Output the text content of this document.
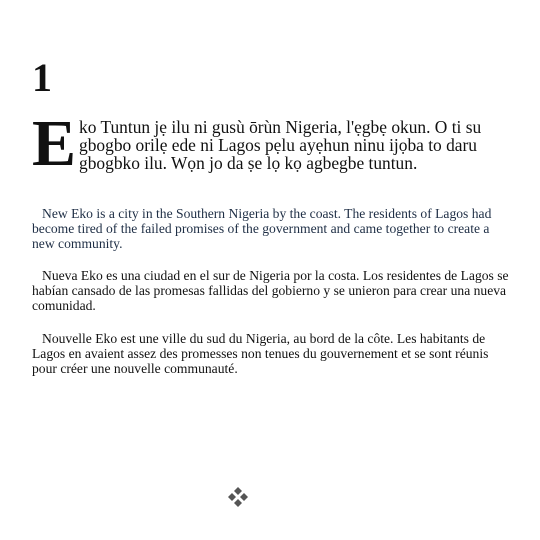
1

Eko Tuntun jẹ ilu ni gusù ōrùn Nigeria, l'ẹgbẹ okun. O ti su gbogbo orilẹ ede ni Lagos pẹlu ayẹhun ninu ijọba to daru gbogbko ilu. Wọn jo da ṣe lọ kọ agbegbe tuntun.

New Eko is a city in the Southern Nigeria by the coast. The residents of Lagos had become tired of the failed promises of the government and came together to create a new community.

Nueva Eko es una ciudad en el sur de Nigeria por la costa. Los residentes de Lagos se habían cansado de las promesas fallidas del gobierno y se unieron para crear una nueva comunidad.

Nouvelle Eko est une ville du sud du Nigeria, au bord de la côte. Les habitants de Lagos en avaient assez des promesses non tenues du gouvernement et se sont réunis pour créer une nouvelle communauté.
